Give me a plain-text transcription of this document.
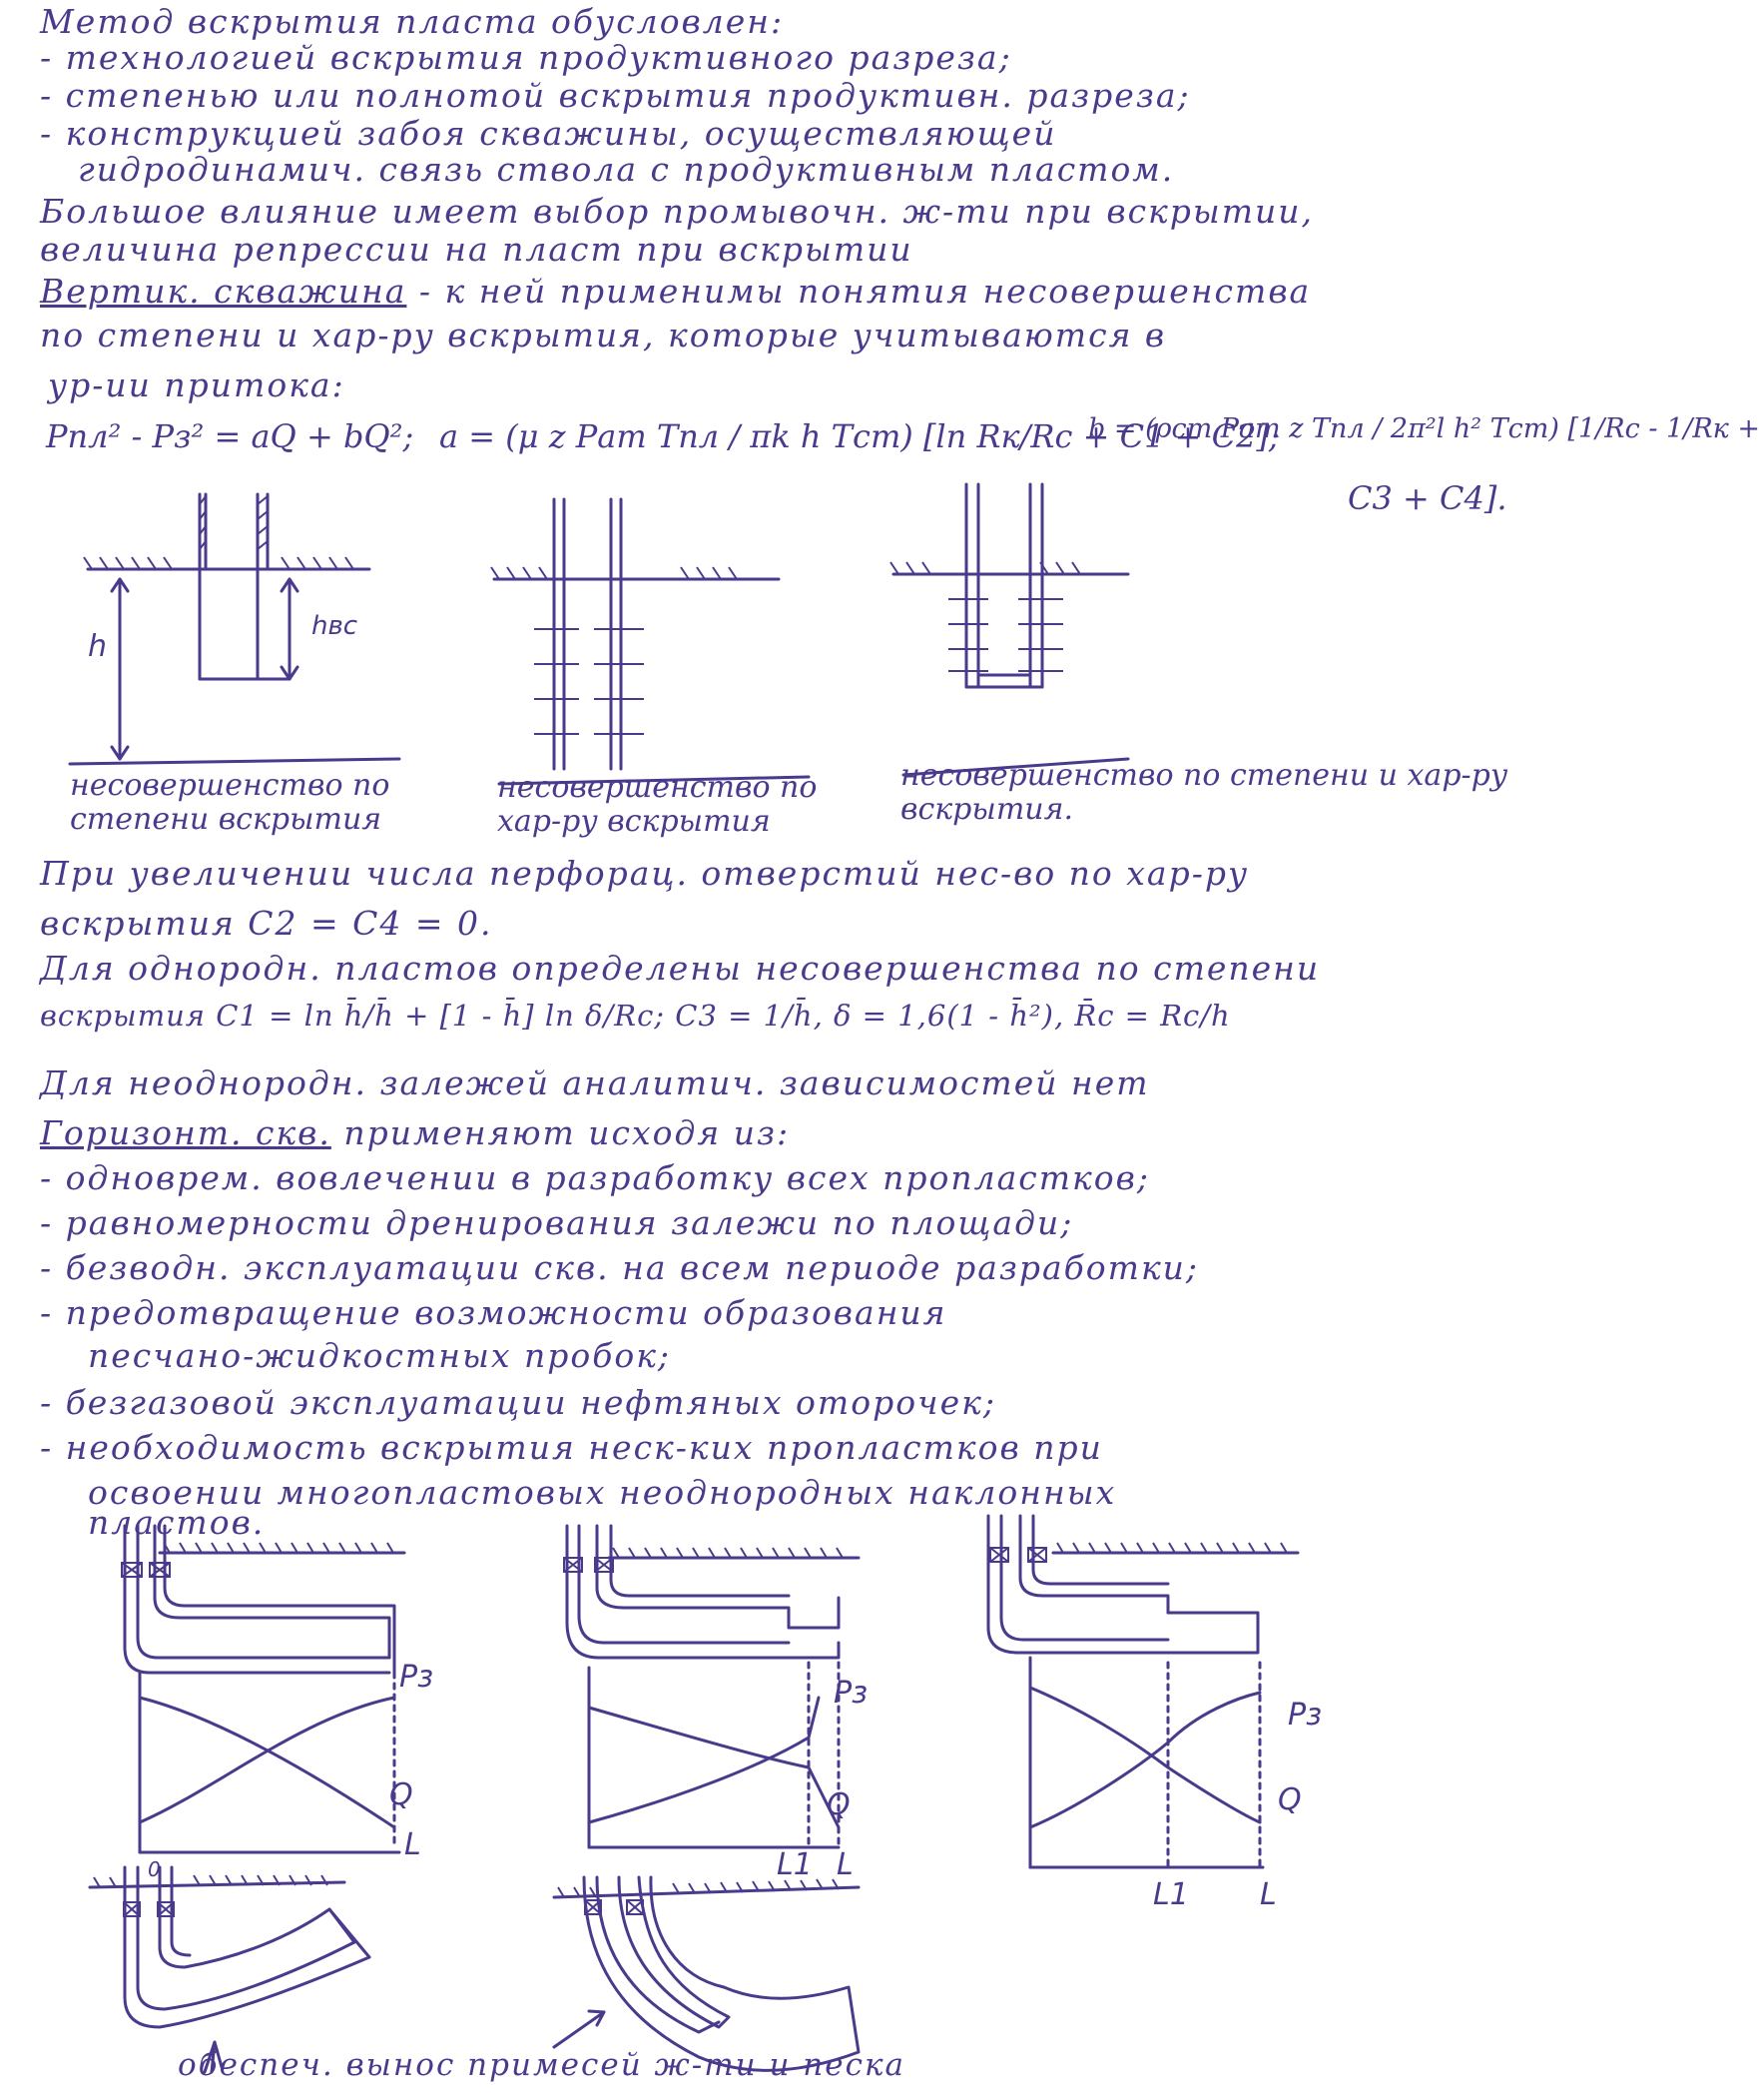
Метод вскрытия пласта обусловлен:
- технологией вскрытия продуктивного разреза;
- степенью или полнотой вскрытия продуктивн. разреза;
- конструкцией забоя скважины, осуществляющей
гидродинамич. связь ствола с продуктивным пластом.
Большое влияние имеет выбор промывочн. ж-ти при вскрытии,
величина репрессии на пласт при вскрытии
Вертик. скважина - к ней применимы понятия несовершенства
по степени и хар-ру вскрытия, которые учитываются в
ур-ии притока:
Pпл² - Pз² = aQ + bQ²; a = (μ z Pат Tпл / πk h Tст) [ln Rк/Rc + C1 + C2];
b = (ρст Pат z Tпл / 2π²l h² Tст) [1/Rc - 1/Rк +
C3 + C4].
h
hвс
несовершенство по степени вскрытия
несовершенство по хар-ру вскрытия
несовершенство по степени и хар-ру вскрытия.
При увеличении числа перфорац. отверстий нес-во по хар-ру
вскрытия C2 = C4 = 0.
Для однородн. пластов определены несовершенства по степени
вскрытия C1 = ln h̄/h̄ + [1 - h̄] ln δ/Rc; C3 = 1/h̄, δ = 1,6(1 - h̄²), R̄c = Rc/h
Для неоднородн. залежей аналитич. зависимостей нет
Горизонт. скв. применяют исходя из:
- одноврем. вовлечении в разработку всех пропластков;
- равномерности дренирования залежи по площади;
- безводн. эксплуатации скв. на всем периоде разработки;
- предотвращение возможности образования
песчано-жидкостных пробок;
- безгазовой эксплуатации нефтяных оторочек;
- необходимость вскрытия неск-ких пропластков при
освоении многопластовых неоднородных наклонных
пластов.
Pз
Q
L
0
Pз
Q
L1 L
Pз
Q
L1 L
обеспеч. вынос примесей ж-ти и песка
